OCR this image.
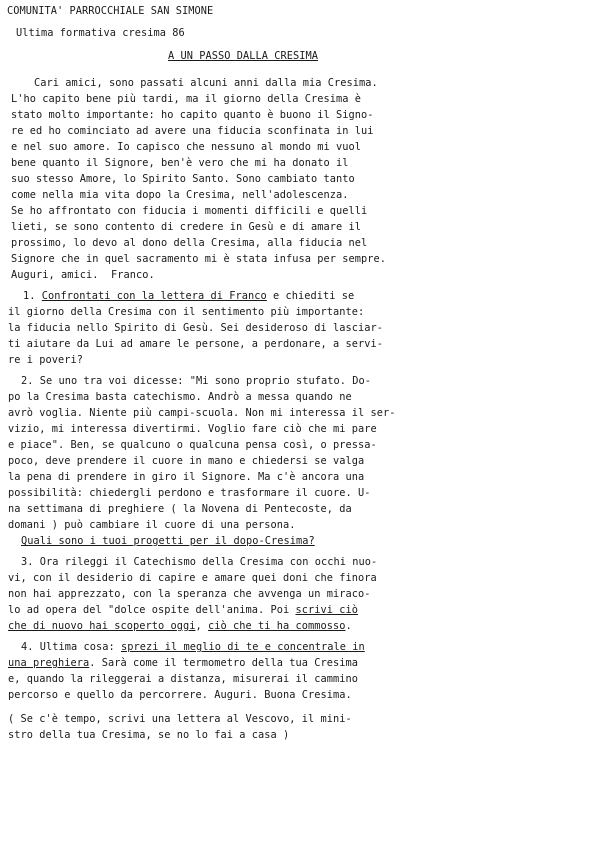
COMUNITA' PARROCCHIALE SAN SIMONE
Ultima formativa cresima 86
A UN PASSO DALLA CRESIMA
Cari amici, sono passati alcuni anni dalla mia Cresima.
L'ho capito bene più tardi, ma il giorno della Cresima è
stato molto importante: ho capito quanto è buono il Signo-
re ed ho cominciato ad avere una fiducia sconfinata in lui
e nel suo amore. Io capisco che nessuno al mondo mi vuol
bene quanto il Signore, ben'è vero che mi ha donato il
suo stesso Amore, lo Spirito Santo. Sono cambiato tanto
come nella mia vita dopo la Cresima, nell'adolescenza.
Se ho affrontato con fiducia i momenti difficili e quelli
lieti, se sono contento di credere in Gesù e di amare il
prossimo, lo devo al dono della Cresima, alla fiducia nel
Signore che in quel sacramento mi è stata infusa per sempre.
Auguri, amici.  Franco.
1. Confrontati con la lettera di Franco e chiediti se
il giorno della Cresima con il sentimento più importante:
la fiducia nello Spirito di Gesù. Sei desideroso di lasciar-
ti aiutare da Lui ad amare le persone, a perdonare, a servi-
re i poveri?
2. Se uno tra voi dicesse: "Mi sono proprio stufato. Do-
po la Cresima basta catechismo. Andrò a messa quando ne
avrò voglia. Niente più campi-scuola. Non mi interessa il ser-
vizio, mi interessa divertirmi. Voglio fare ciò che mi pare
e piace". Ben, se qualcuno o qualcuna pensa così, o pressa-
poco, deve prendere il cuore in mano e chiedersi se valga
la pena di prendere in giro il Signore. Ma c'è ancora una
possibilità: chiedergli perdono e trasformare il cuore. U-
na settimana di preghiere ( la Novena di Pentecoste, da
domani ) può cambiare il cuore di una persona.
Quali sono i tuoi progetti per il dopo-Cresima?
3. Ora rileggi il Catechismo della Cresima con occhi nuo-
vi, con il desiderio di capire e amare quei doni che finora
non hai apprezzato, con la speranza che avvenga un miraco-
lo ad opera del "dolce ospite dell'anima. Poi scrivi ciò
che di nuovo hai scoperto oggi, ciò che ti ha commosso.
4. Ultima cosa: sprezi il meglio di te e concentrale in
una preghiera. Sarà come il termometro della tua Cresima
e, quando la rileggerai a distanza, misurerai il cammino
percorso e quello da percorrere. Auguri. Buona Cresima.
( Se c'è tempo, scrivi una lettera al Vescovo, il mini-
stro della tua Cresima, se no lo fai a casa )
